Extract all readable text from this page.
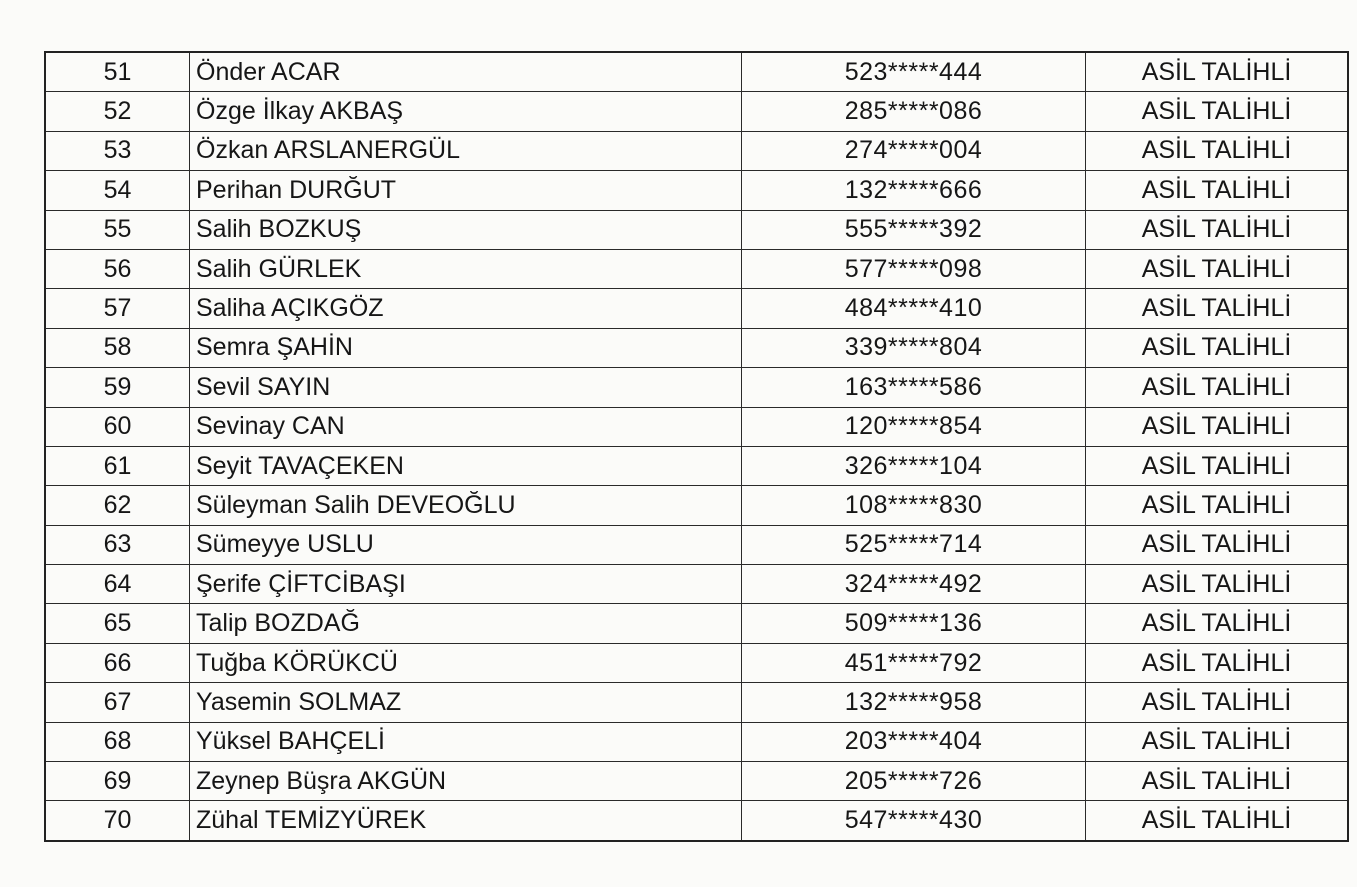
51	Önder ACAR	523*****444	ASİL TALİHLİ
52	Özge İlkay AKBAŞ	285*****086	ASİL TALİHLİ
53	Özkan ARSLANERGÜL	274*****004	ASİL TALİHLİ
54	Perihan DURĞUT	132*****666	ASİL TALİHLİ
55	Salih BOZKUŞ	555*****392	ASİL TALİHLİ
56	Salih GÜRLEK	577*****098	ASİL TALİHLİ
57	Saliha AÇIKGÖZ	484*****410	ASİL TALİHLİ
58	Semra ŞAHİN	339*****804	ASİL TALİHLİ
59	Sevil SAYIN	163*****586	ASİL TALİHLİ
60	Sevinay CAN	120*****854	ASİL TALİHLİ
61	Seyit TAVAÇEKEN	326*****104	ASİL TALİHLİ
62	Süleyman Salih DEVEOĞLU	108*****830	ASİL TALİHLİ
63	Sümeyye USLU	525*****714	ASİL TALİHLİ
64	Şerife ÇİFTCİBAŞI	324*****492	ASİL TALİHLİ
65	Talip BOZDAĞ	509*****136	ASİL TALİHLİ
66	Tuğba KÖRÜKCÜ	451*****792	ASİL TALİHLİ
67	Yasemin SOLMAZ	132*****958	ASİL TALİHLİ
68	Yüksel BAHÇELİ	203*****404	ASİL TALİHLİ
69	Zeynep Büşra AKGÜN	205*****726	ASİL TALİHLİ
70	Zühal TEMİZYÜREK	547*****430	ASİL TALİHLİ
